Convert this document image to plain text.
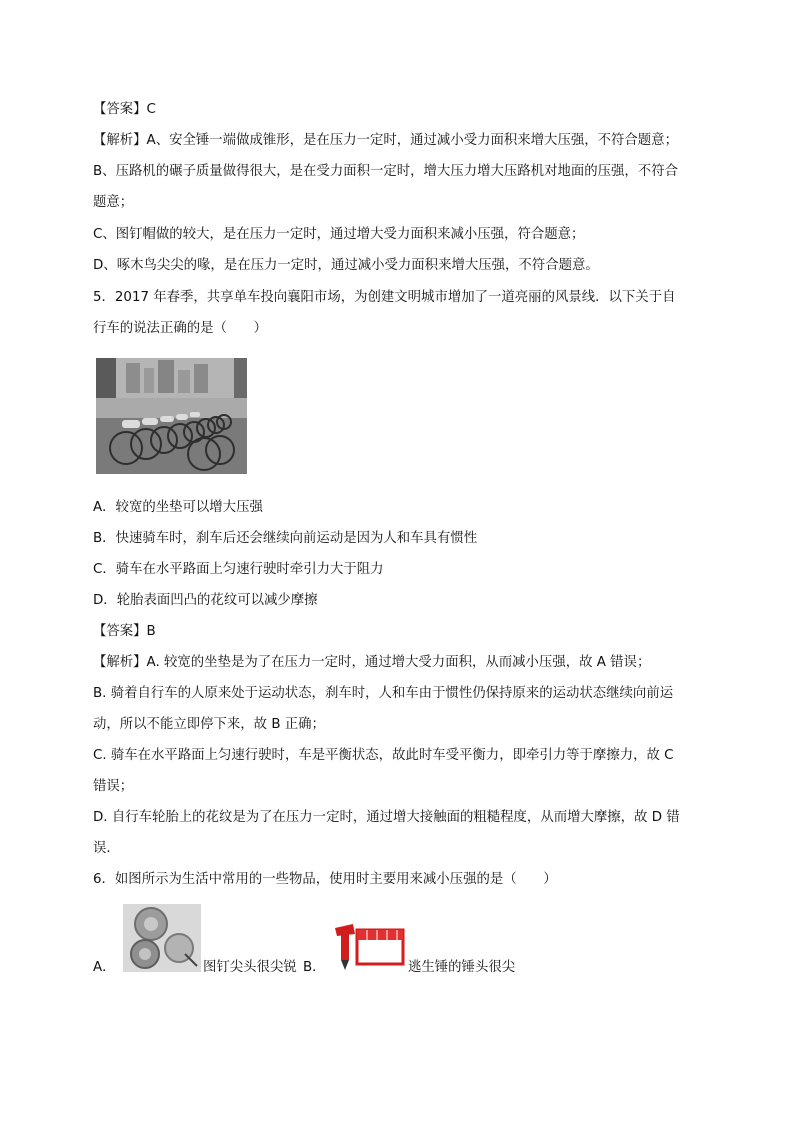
【答案】C
【解析】A、安全锤一端做成锥形，是在压力一定时，通过减小受力面积来增大压强，不符合题意；
B、压路机的碾子质量做得很大，是在受力面积一定时，增大压力增大压路机对地面的压强，不符合
题意；
C、图钉帽做的较大，是在压力一定时，通过增大受力面积来减小压强，符合题意；
D、啄木鸟尖尖的喙，是在压力一定时，通过减小受力面积来增大压强，不符合题意。
5．2017 年春季，共享单车投向襄阳市场，为创建文明城市增加了一道亮丽的风景线．以下关于自
行车的说法正确的是（　　）
A．较宽的坐垫可以增大压强
B．快速骑车时，刹车后还会继续向前运动是因为人和车具有惯性
C．骑车在水平路面上匀速行驶时牵引力大于阻力
D．轮胎表面凹凸的花纹可以减少摩擦
【答案】B
【解析】A. 较宽的坐垫是为了在压力一定时，通过增大受力面积，从而减小压强，故 A 错误；
B. 骑着自行车的人原来处于运动状态，刹车时，人和车由于惯性仍保持原来的运动状态继续向前运
动，所以不能立即停下来，故 B 正确；
C. 骑车在水平路面上匀速行驶时，车是平衡状态，故此时车受平衡力，即牵引力等于摩擦力，故 C
错误；
D. 自行车轮胎上的花纹是为了在压力一定时，通过增大接触面的粗糙程度，从而增大摩擦，故 D 错
误．
6．如图所示为生活中常用的一些物品，使用时主要用来减小压强的是（　　）
A．	图钉尖头很尖锐 B．	逃生锤的锤头很尖
